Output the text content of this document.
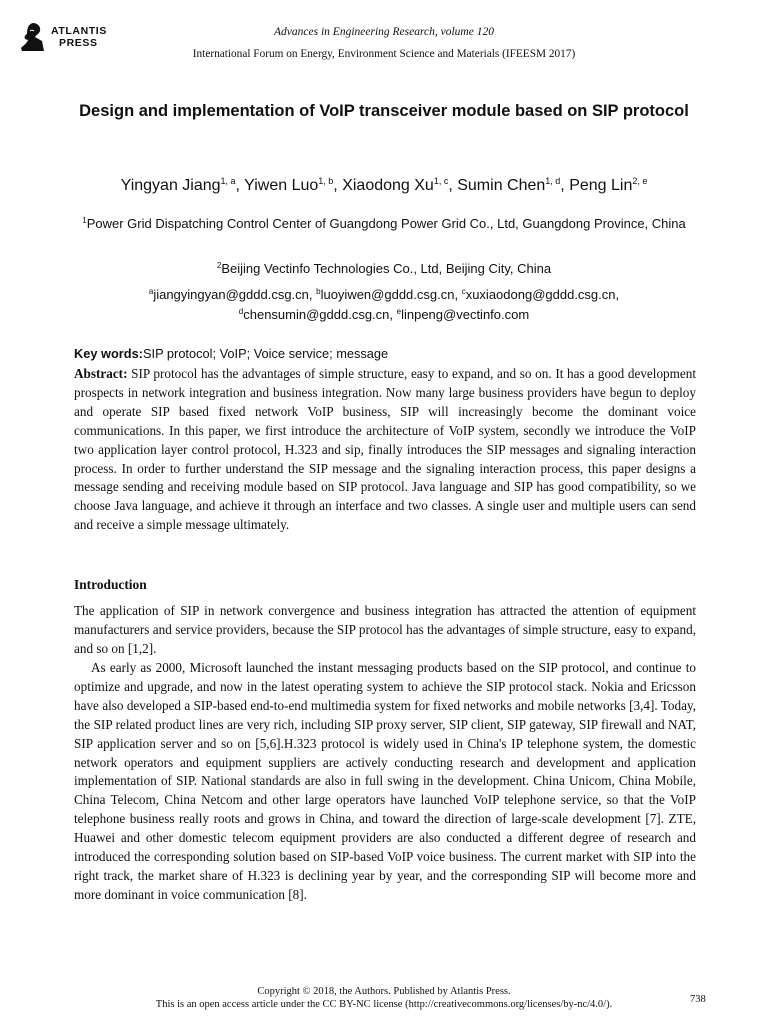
ATLANTIS
PRESS
Advances in Engineering Research, volume 120
International Forum on Energy, Environment Science and Materials (IFEESM 2017)
Design and implementation of VoIP transceiver module based on SIP protocol
Yingyan Jiang$^{1, a}$, Yiwen Luo$^{1, b}$, Xiaodong Xu$^{1, c}$, Sumin Chen$^{1, d}$, Peng Lin$^{2, e}$
$^1$Power Grid Dispatching Control Center of Guangdong Power Grid Co., Ltd, Guangdong Province, China
$^2$Beijing Vectinfo Technologies Co., Ltd, Beijing City, China
$^a$jiangyingyan@gddd.csg.cn, $^b$luoyiwen@gddd.csg.cn, $^c$xuxiaodong@gddd.csg.cn,
$^d$chensumin@gddd.csg.cn, $^e$linpeng@vectinfo.com
Key words:SIP protocol; VoIP; Voice service; message
Abstract: SIP protocol has the advantages of simple structure, easy to expand, and so on. It has a good development prospects in network integration and business integration. Now many large business providers have begun to deploy and operate SIP based fixed network VoIP business, SIP will increasingly become the dominant voice communications. In this paper, we first introduce the architecture of VoIP system, secondly we introduce the VoIP two application layer control protocol, H.323 and sip, finally introduces the SIP messages and signaling interaction process. In order to further understand the SIP message and the signaling interaction process, this paper designs a message sending and receiving module based on SIP protocol. Java language and SIP has good compatibility, so we choose Java language, and achieve it through an interface and two classes. A single user and multiple users can send and receive a simple message ultimately.
Introduction
The application of SIP in network convergence and business integration has attracted the attention of equipment manufacturers and service providers, because the SIP protocol has the advantages of simple structure, easy to expand, and so on [1,2].
As early as 2000, Microsoft launched the instant messaging products based on the SIP protocol, and continue to optimize and upgrade, and now in the latest operating system to achieve the SIP protocol stack. Nokia and Ericsson have also developed a SIP-based end-to-end multimedia system for fixed networks and mobile networks [3,4]. Today, the SIP related product lines are very rich, including SIP proxy server, SIP client, SIP gateway, SIP firewall and NAT, SIP application server and so on [5,6].H.323 protocol is widely used in China's IP telephone system, the domestic network operators and equipment suppliers are actively conducting research and development and application implementation of SIP. National standards are also in full swing in the development. China Unicom, China Mobile, China Telecom, China Netcom and other large operators have launched VoIP telephone service, so that the VoIP telephone business really roots and grows in China, and toward the direction of large-scale development [7]. ZTE, Huawei and other domestic telecom equipment providers are also conducted a different degree of research and introduced the corresponding solution based on SIP-based VoIP voice business. The current market with SIP into the right track, the market share of H.323 is declining year by year, and the corresponding SIP will become more and more dominant in voice communication [8].
Copyright © 2018, the Authors. Published by Atlantis Press.
This is an open access article under the CC BY-NC license (http://creativecommons.org/licenses/by-nc/4.0/).	738
